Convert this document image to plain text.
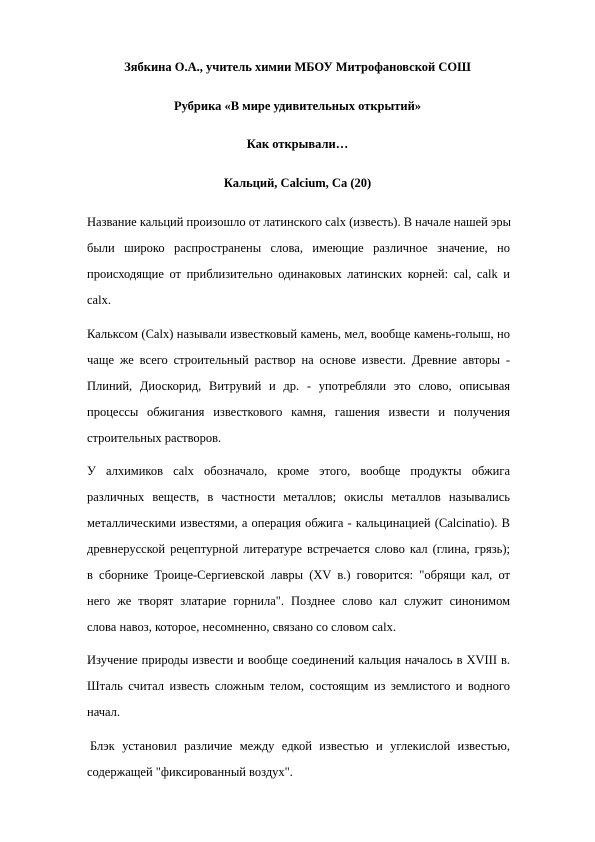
Зябкина О.А., учитель химии МБОУ Митрофановской СОШ
Рубрика «В мире удивительных открытий»
Как открывали…
Кальций, Calcium, Ca (20)
Название кальций произошло от латинского calx (известь). В начале нашей эры
были широко распространены слова, имеющие различное значение, но
происходящие от приблизительно одинаковых латинских корней: cal, calk и
calx.
Кальксом (Calx) называли известковый камень, мел, вообще камень-голыш, но
чаще же всего строительный раствор на основе извести. Древние авторы -
Плиний, Диоскорид, Витрувий и др. - употребляли это слово, описывая
процессы обжигания известкового камня, гашения извести и получения
строительных растворов.
У алхимиков calx обозначало, кроме этого, вообще продукты обжига
различных веществ, в частности металлов; окислы металлов назывались
металлическими известями, а операция обжига - кальцинацией (Calcinatio). В
древнерусской рецептурной литературе встречается слово кал (глина, грязь);
в сборнике Троице-Сергиевской лавры (XV в.) говорится: "обрящи кал, от
него же творят златарие горнила". Позднее слово кал служит синонимом
слова навоз, которое, несомненно, связано со словом calx.
Изучение природы извести и вообще соединений кальция началось в XVIII в.
Шталь считал известь сложным телом, состоящим из землистого и водного
начал.
Блэк установил различие между едкой известью и углекислой известью,
содержащей "фиксированный воздух".
